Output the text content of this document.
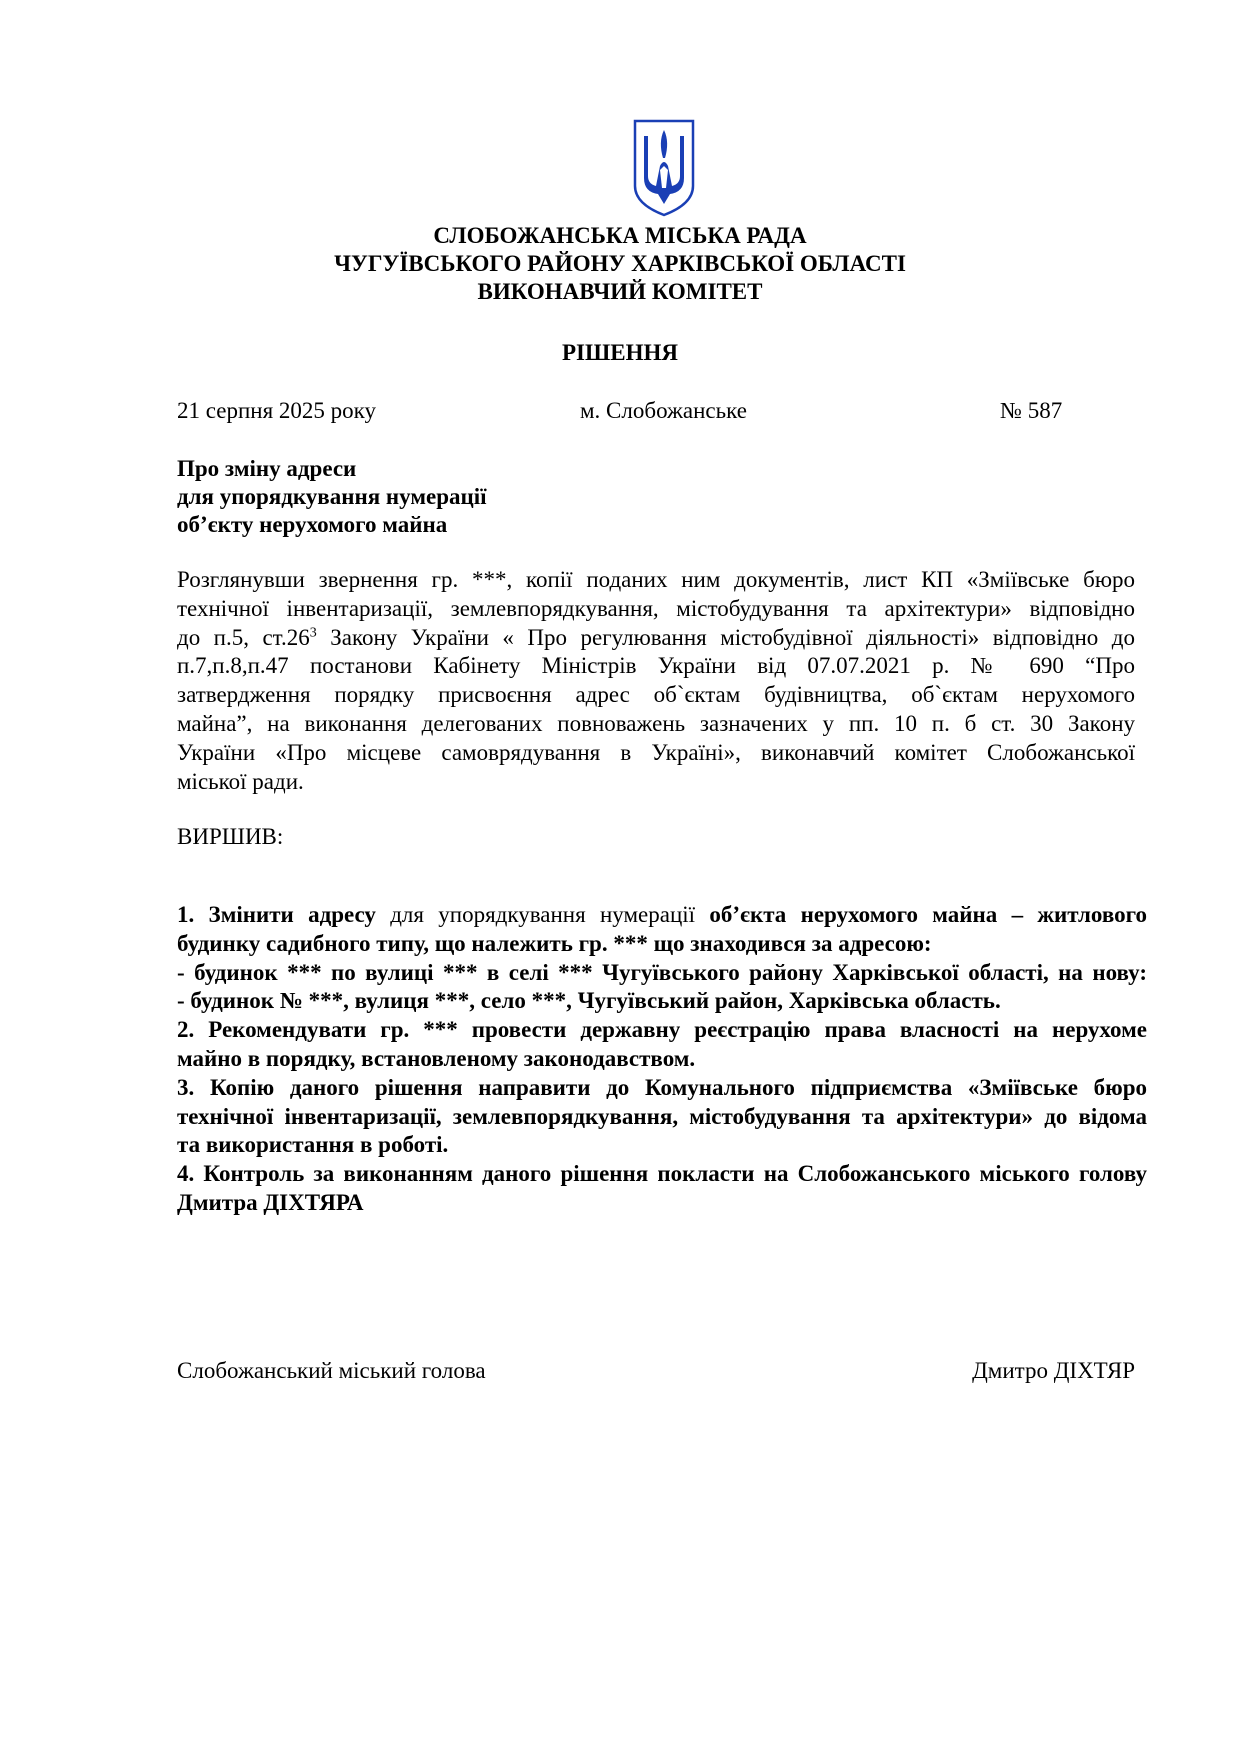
СЛОБОЖАНСЬКА МІСЬКА РАДА
ЧУГУЇВСЬКОГО РАЙОНУ ХАРКІВСЬКОЇ ОБЛАСТІ
ВИКОНАВЧИЙ КОМІТЕТ
РІШЕННЯ
21 серпня 2025 року	м. Слобожанське	№ 587
Про зміну адреси
для упорядкування нумерації
об’єкту нерухомого майна
Розглянувши звернення гр. ***, копії поданих ним документів, лист КП «Зміївське бюро
технічної інвентаризації, землевпорядкування, містобудування та архітектури» відповідно
до п.5, $ст.26^3$ Закону України « Про регулювання містобудівної діяльності» відповідно до
п.7,п.8,п.47 постанови Кабінету Міністрів України від 07.07.2021 р. № 690 “Про
затвердження порядку присвоєння адрес об`єктам будівництва, об`єктам нерухомого
майна”, на виконання делегованих повноважень зазначених у пп. 10 п. б ст. 30 Закону
України «Про місцеве самоврядування в Україні», виконавчий комітет Слобожанської
міської ради.
ВИРШИВ:
1. Змінити адресу для упорядкування нумерації об’єкта нерухомого майна – житлового
будинку садибного типу, що належить гр. *** що знаходився за адресою:
- будинок *** по вулиці *** в селі *** Чугуївського району Харківської області, на нову:
- будинок № ***, вулиця ***, село ***, Чугуївський район, Харківська область.
2. Рекомендувати гр. *** провести державну реєстрацію права власності на нерухоме
майно в порядку, встановленому законодавством.
3. Копію даного рішення направити до Комунального підприємства «Зміївське бюро
технічної інвентаризації, землевпорядкування, містобудування та архітектури» до відома
та використання в роботі.
4. Контроль за виконанням даного рішення покласти на Слобожанського міського голову
Дмитра ДІХТЯРА
Слобожанський міський голова	Дмитро ДІХТЯР
